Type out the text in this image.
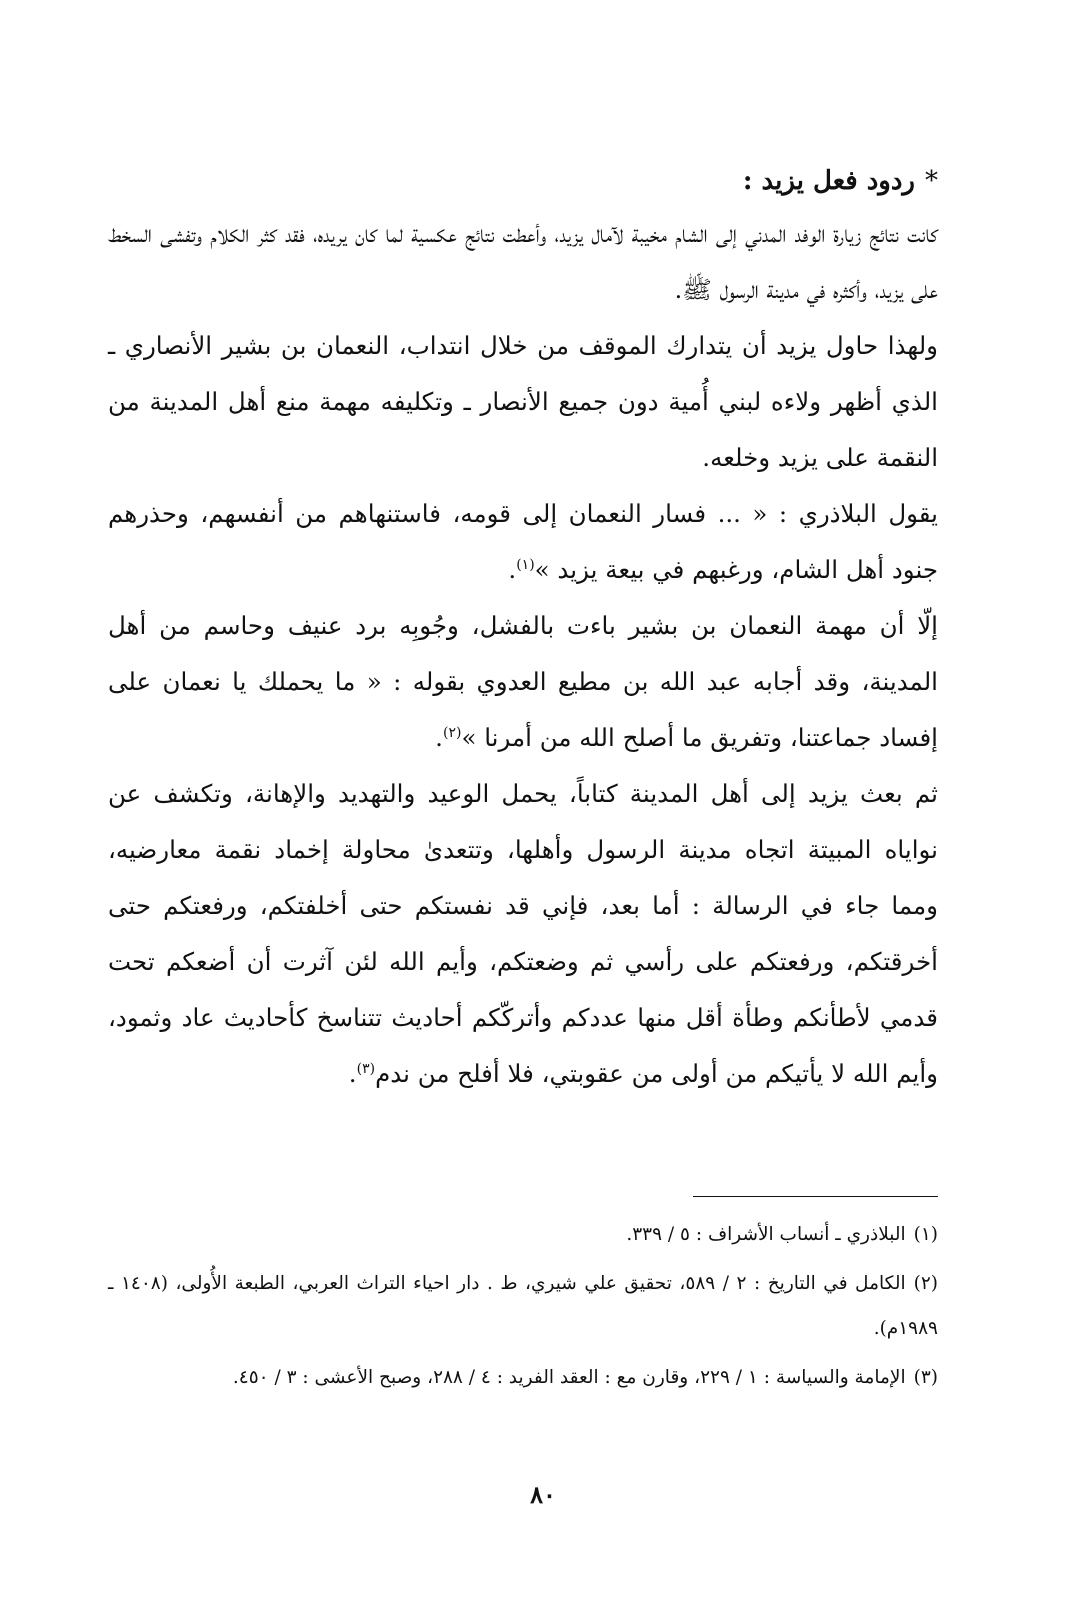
*ردود فعل يزيد :

كانت نتائج زيارة الوفد المدني إلى الشام مخيبة لآمال يزيد، وأعطت نتائج عكسية لما كان يريده، فقد كثر الكلام وتفشى السخط على يزيد، وأكثره في مدينة الرسول ﷺ.

ولهذا حاول يزيد أن يتدارك الموقف من خلال انتداب، النعمان بن بشير الأنصاري ـ الذي أظهر ولاءه لبني أُمية دون جميع الأنصار ـ وتكليفه مهمة منع أهل المدينة من النقمة على يزيد وخلعه.

يقول البلاذري : « ... فسار النعمان إلى قومه، فاستنهاهم من أنفسهم، وحذرهم جنود أهل الشام، ورغبهم في بيعة يزيد »$^{(١)}$.

إلّا أن مهمة النعمان بن بشير باءت بالفشل، وجُوبِه برد عنيف وحاسم من أهل المدينة، وقد أجابه عبد الله بن مطيع العدوي بقوله : « ما يحملك يا نعمان على إفساد جماعتنا، وتفريق ما أصلح الله من أمرنا »$^{(٢)}$.

ثم بعث يزيد إلى أهل المدينة كتاباً، يحمل الوعيد والتهديد والإهانة، وتكشف عن نواياه المبيتة اتجاه مدينة الرسول وأهلها، وتتعدىٰ محاولة إخماد نقمة معارضيه، ومما جاء في الرسالة : أما بعد، فإني قد نفستكم حتى أخلفتكم، ورفعتكم حتى أخرقتكم، ورفعتكم على رأسي ثم وضعتكم، وأيم الله لئن آثرت أن أضعكم تحت قدمي لأطأنكم وطأة أقل منها عددكم وأتركّكم أحاديث تتناسخ كأحاديث عاد وثمود، وأيم الله لا يأتيكم من أولى من عقوبتي، فلا أفلح من ندم$^{(٣)}$.

(١)البلاذري ـ أنساب الأشراف : ٥ / ٣٣٩.

(٢)الكامل في التاريخ : ٢ / ٥٨٩، تحقيق علي شيري، ط . دار احياء التراث العربي، الطبعة الأُولى، (١٤٠٨ ـ ١٩٨٩م).

(٣)الإمامة والسياسة : ١ / ٢٢٩، وقارن مع : العقد الفريد : ٤ / ٢٨٨، وصبح الأعشى : ٣ / ٤٥٠.

٨٠
